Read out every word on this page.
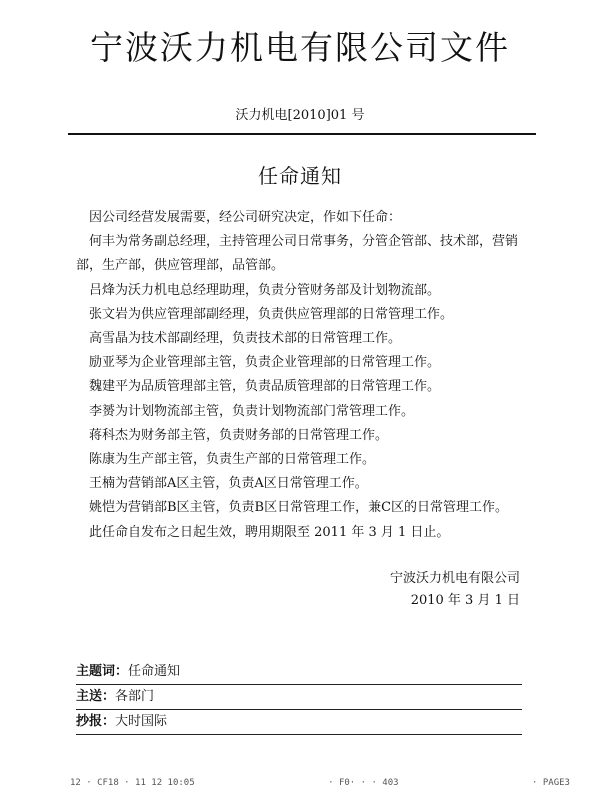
宁波沃力机电有限公司文件
沃力机电[2010]01 号
任命通知

因公司经营发展需要，经公司研究决定，作如下任命：

何丰为常务副总经理，主持管理公司日常事务，分管企管部、技术部，营销部，生产部，供应管理部，品管部。

吕烽为沃力机电总经理助理，负责分管财务部及计划物流部。

张文岩为供应管理部副经理，负责供应管理部的日常管理工作。

高雪晶为技术部副经理，负责技术部的日常管理工作。

励亚琴为企业管理部主管，负责企业管理部的日常管理工作。

魏建平为品质管理部主管，负责品质管理部的日常管理工作。

李赟为计划物流部主管，负责计划物流部门常管理工作。

蒋科杰为财务部主管，负责财务部的日常管理工作。

陈康为生产部主管，负责生产部的日常管理工作。

王楠为营销部A区主管，负责A区日常管理工作。

姚恺为营销部B区主管，负责B区日常管理工作，兼C区的日常管理工作。

此任命自发布之日起生效，聘用期限至 2011 年 3 月 1 日止。

宁波沃力机电有限公司
2010 年 3 月 1 日
主题词：任命通知
主送：各部门
抄报：大时国际
12 · CF18 · 11 12 10:05	· F0· · · 403	· PAGE3
